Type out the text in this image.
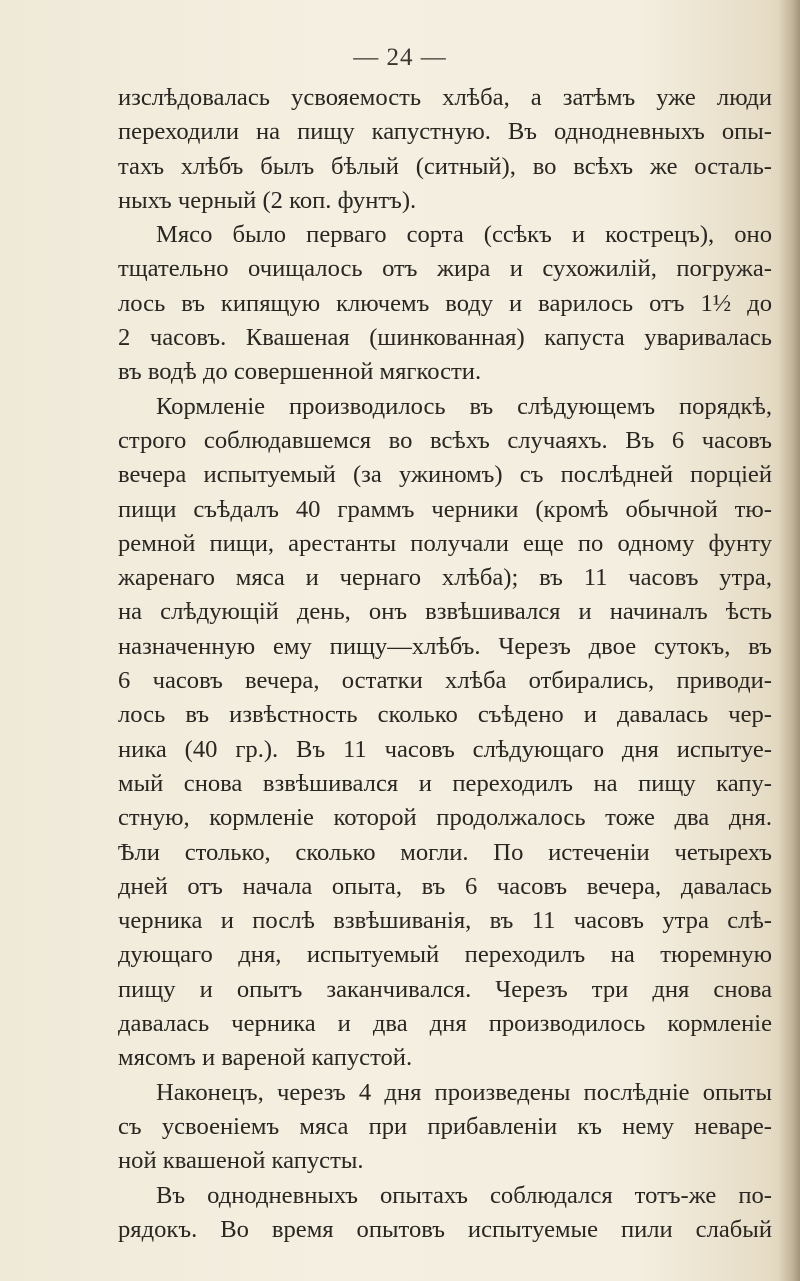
— 24 —
изслѣдовалась усвояемость хлѣба, а затѣмъ уже люди
переходили на пищу капустную. Въ однодневныхъ опы-
тахъ хлѣбъ былъ бѣлый (ситный), во всѣхъ же осталь-
ныхъ черный (2 коп. фунтъ).
Мясо было перваго сорта (ссѣкъ и кострецъ), оно
тщательно очищалось отъ жира и сухожилій, погружа-
лось въ кипящую ключемъ воду и варилось отъ 1½ до
2 часовъ. Квашеная (шинкованная) капуста уваривалась
въ водѣ до совершенной мягкости.
Кормленіе производилось въ слѣдующемъ порядкѣ,
строго соблюдавшемся во всѣхъ случаяхъ. Въ 6 часовъ
вечера испытуемый (за ужиномъ) съ послѣдней порціей
пищи съѣдалъ 40 граммъ черники (кромѣ обычной тю-
ремной пищи, арестанты получали еще по одному фунту
жаренаго мяса и чернаго хлѣба); въ 11 часовъ утра,
на слѣдующій день, онъ взвѣшивался и начиналъ ѣсть
назначенную ему пищу—хлѣбъ. Черезъ двое сутокъ, въ
6 часовъ вечера, остатки хлѣба отбирались, приводи-
лось въ извѣстность сколько съѣдено и давалась чер-
ника (40 гр.). Въ 11 часовъ слѣдующаго дня испытуе-
мый снова взвѣшивался и переходилъ на пищу капу-
стную, кормленіе которой продолжалось тоже два дня.
Ѣли столько, сколько могли. По истеченіи четырехъ
дней отъ начала опыта, въ 6 часовъ вечера, давалась
черника и послѣ взвѣшиванія, въ 11 часовъ утра слѣ-
дующаго дня, испытуемый переходилъ на тюремную
пищу и опытъ заканчивался. Черезъ три дня снова
давалась черника и два дня производилось кормленіе
мясомъ и вареной капустой.
Наконецъ, черезъ 4 дня произведены послѣдніе опыты
съ усвоеніемъ мяса при прибавленіи къ нему неваре-
ной квашеной капусты.
Въ однодневныхъ опытахъ соблюдался тотъ-же по-
рядокъ. Во время опытовъ испытуемые пили слабый
